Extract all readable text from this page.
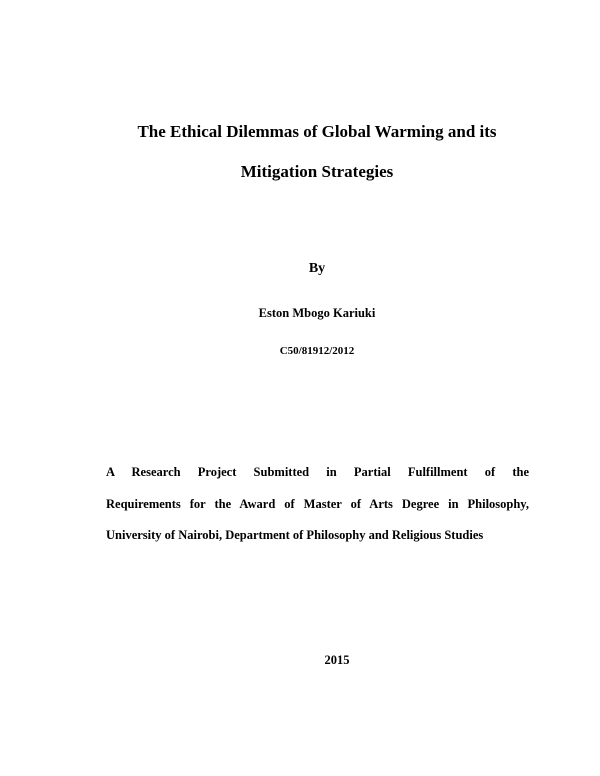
The Ethical Dilemmas of Global Warming and its
Mitigation Strategies
By
Eston Mbogo Kariuki
C50/81912/2012
A Research Project Submitted in Partial Fulfillment of the
Requirements for the Award of Master of Arts Degree in Philosophy,
University of Nairobi, Department of Philosophy and Religious Studies
2015
